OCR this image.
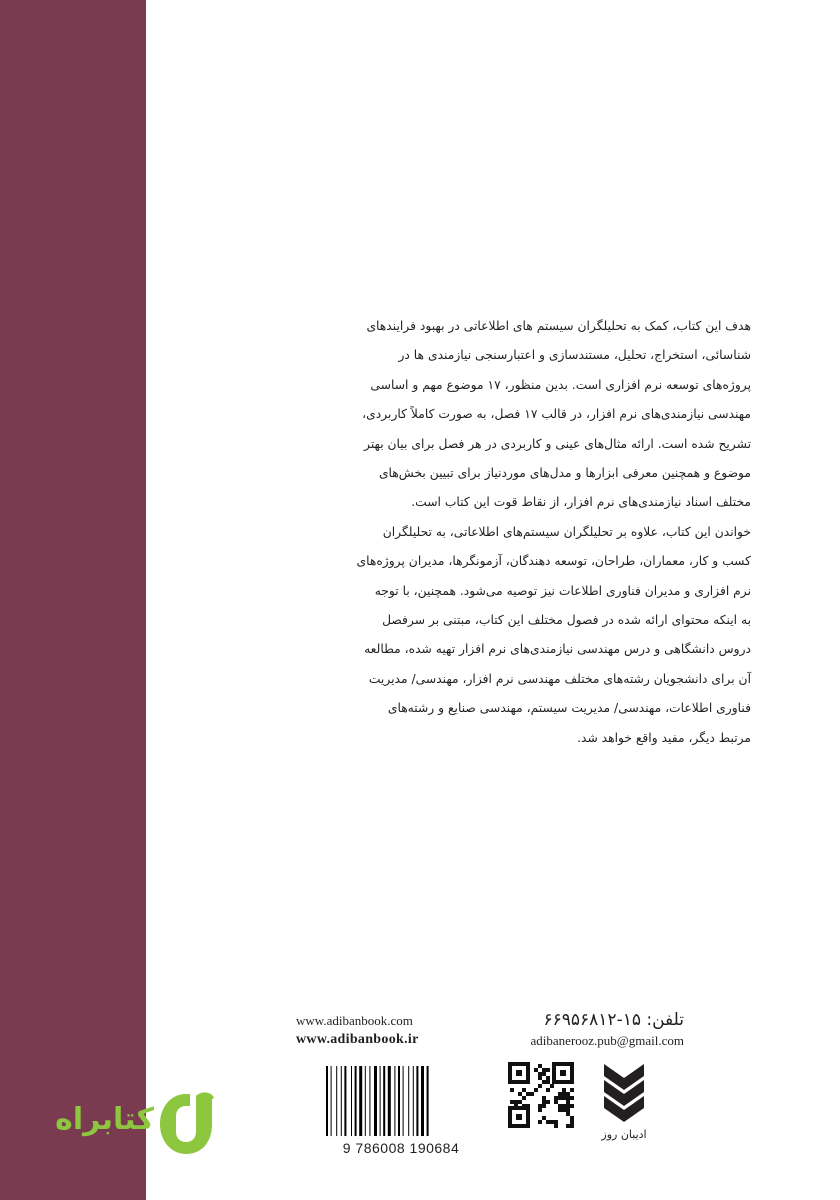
هدف این کتاب، کمک به تحلیلگران سیستم های اطلاعاتی در بهبود فرایندهای

شناسائی، استخراج، تحلیل، مستندسازی و اعتبارسنجی نیازمندی ها در

پروژه‌های توسعه نرم افزاری است. بدین منظور، ۱۷ موضوع مهم و اساسی

مهندسی نیازمندی‌های نرم افزار، در قالب ۱۷ فصل، به صورت کاملاً کاربردی،

تشریح شده است. ارائه مثال‌های عینی و کاربردی در هر فصل برای بیان بهتر

موضوع و همچنین معرفی ابزارها و مدل‌های موردنیاز برای تبیین بخش‌های

مختلف اسناد نیازمندی‌های نرم افزار، از نقاط قوت این کتاب است.

خواندن این کتاب، علاوه بر تحلیلگران سیستم‌های اطلاعاتی، به تحلیلگران

کسب و کار، معماران، طراحان، توسعه دهندگان، آزمونگرها، مدیران پروژه‌های

نرم افزاری و مدیران فناوری اطلاعات نیز توصیه می‌شود. همچنین، با توجه

به اینکه محتوای ارائه شده در فصول مختلف این کتاب، مبتنی بر سرفصل

دروس دانشگاهی و درس مهندسی نیازمندی‌های نرم افزار تهیه شده، مطالعه

آن برای دانشجویان رشته‌های مختلف مهندسی نرم افزار، مهندسی/ مدیریت

فناوری اطلاعات، مهندسی/ مدیریت سیستم، مهندسی صنایع و رشته‌های

مرتبط دیگر، مفید واقع خواهد شد.

تلفن: ۱۵-۶۶۹۵۶۸۱۲
adibanerooz.pub@gmail.com
www.adibanbook.com
www.adibanbook.ir
9 786008 190684
ادیبان روز
کتابراه
